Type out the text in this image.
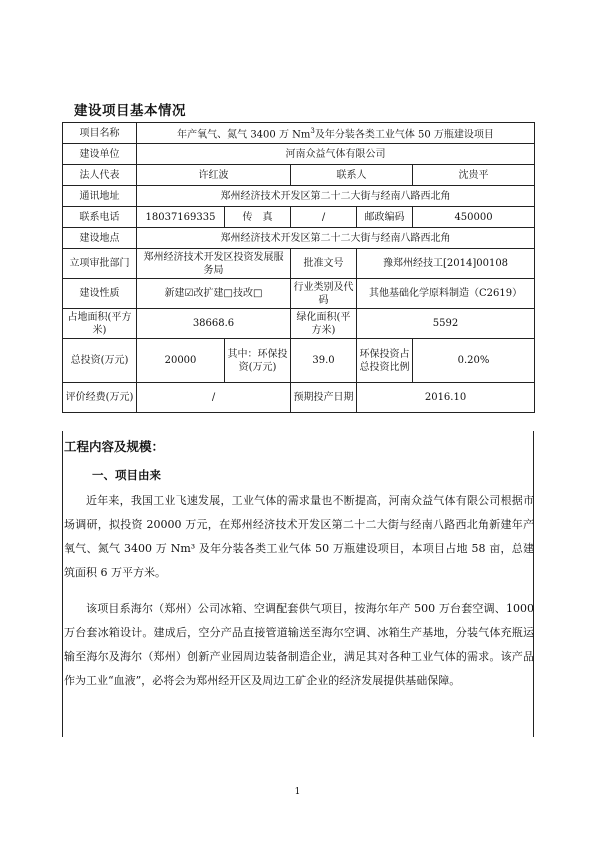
建设项目基本情况
项目名称	年产氧气、氮气 3400 万 Nm$^3$及年分装各类工业气体 50 万瓶建设项目				
建设单位	河南众益气体有限公司				
法人代表	许红波		联系人		沈贵平
通讯地址	郑州经济技术开发区第二十二大街与经南八路西北角				
联系电话	18037169335	传　真	/	邮政编码	450000
建设地点	郑州经济技术开发区第二十二大街与经南八路西北角				
立项审批部门	郑州经济技术开发区投资发展服务局		批准文号	豫郑州经技工[2014]00108	
建设性质	新建☑改扩建□技改□		行业类别及代码	其他基础化学原料制造（C2619）	
占地面积(平方米)	38668.6		绿化面积(平方米)	5592	
总投资(万元)	20000	其中：环保投资(万元)	39.0	环保投资占总投资比例	0.20%
评价经费(万元)	/		预期投产日期	2016.10	
工程内容及规模：
一、项目由来

近年来，我国工业飞速发展，工业气体的需求量也不断提高，河南众益气体有限公司根据市场调研，拟投资 20000 万元，在郑州经济技术开发区第二十二大街与经南八路西北角新建年产氧气、氮气 3400 万 Nm³ 及年分装各类工业气体 50 万瓶建设项目，本项目占地 58 亩，总建筑面积 6 万平方米。

该项目系海尔（郑州）公司冰箱、空调配套供气项目，按海尔年产 500 万台套空调、1000 万台套冰箱设计。建成后，空分产品直接管道输送至海尔空调、冰箱生产基地，分装气体充瓶运输至海尔及海尔（郑州）创新产业园周边装备制造企业，满足其对各种工业气体的需求。该产品作为工业“血液”，必将会为郑州经开区及周边工矿企业的经济发展提供基础保障。

1
